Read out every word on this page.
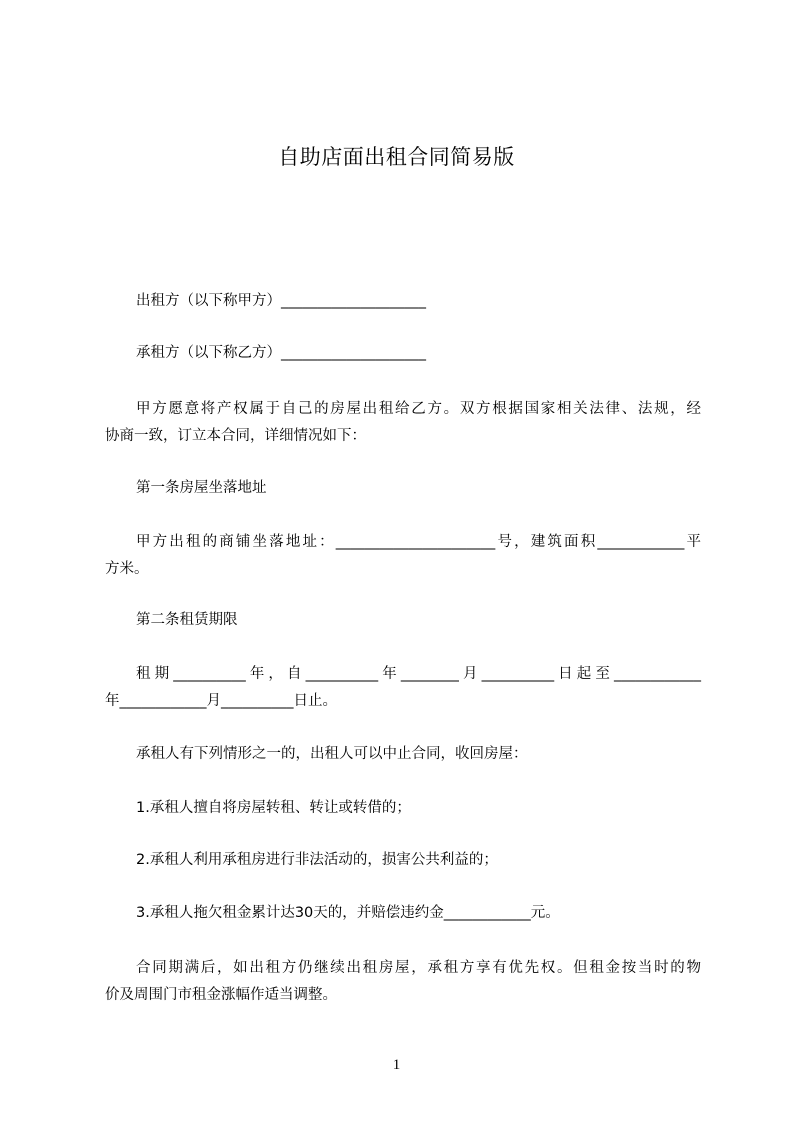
自助店面出租合同简易版
出租方（以下称甲方）____________________
承租方（以下称乙方）____________________
甲方愿意将产权属于自己的房屋出租给乙方。双方根据国家相关法律、法规，经
协商一致，订立本合同，详细情况如下：
第一条房屋坐落地址
甲方出租的商铺坐落地址：______________________号，建筑面积____________平
方米。
第二条租赁期限
租期__________年，自__________年________月__________日起至____________
年____________月__________日止。
承租人有下列情形之一的，出租人可以中止合同，收回房屋：
1.承租人擅自将房屋转租、转让或转借的；
2.承租人利用承租房进行非法活动的，损害公共利益的；
3.承租人拖欠租金累计达30天的，并赔偿违约金____________元。
合同期满后，如出租方仍继续出租房屋，承租方享有优先权。但租金按当时的物
价及周围门市租金涨幅作适当调整。
1
